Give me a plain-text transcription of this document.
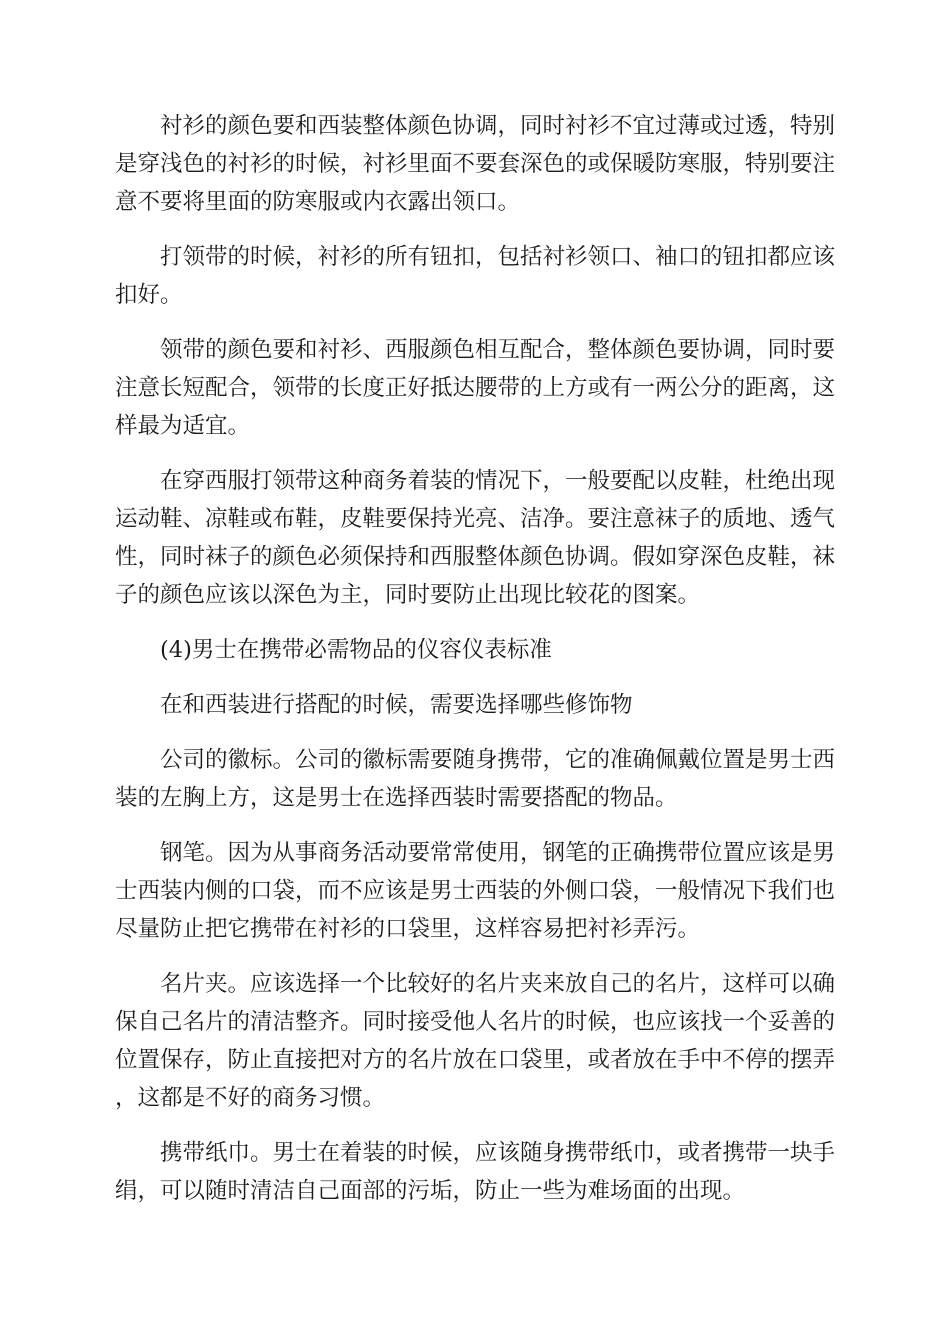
衬衫的颜色要和西装整体颜色协调，同时衬衫不宜过薄或过透，特别是穿浅色的衬衫的时候，衬衫里面不要套深色的或保暖防寒服，特别要注意不要将里面的防寒服或内衣露出领口。

打领带的时候，衬衫的所有钮扣，包括衬衫领口、袖口的钮扣都应该扣好。

领带的颜色要和衬衫、西服颜色相互配合，整体颜色要协调，同时要注意长短配合，领带的长度正好抵达腰带的上方或有一两公分的距离，这样最为适宜。

在穿西服打领带这种商务着装的情况下，一般要配以皮鞋，杜绝出现运动鞋、凉鞋或布鞋，皮鞋要保持光亮、洁净。要注意袜子的质地、透气性，同时袜子的颜色必须保持和西服整体颜色协调。假如穿深色皮鞋，袜子的颜色应该以深色为主，同时要防止出现比较花的图案。

(4)男士在携带必需物品的仪容仪表标准

在和西装进行搭配的时候，需要选择哪些修饰物

公司的徽标。公司的徽标需要随身携带，它的准确佩戴位置是男士西装的左胸上方，这是男士在选择西装时需要搭配的物品。

钢笔。因为从事商务活动要常常使用，钢笔的正确携带位置应该是男士西装内侧的口袋，而不应该是男士西装的外侧口袋，一般情况下我们也尽量防止把它携带在衬衫的口袋里，这样容易把衬衫弄污。

名片夹。应该选择一个比较好的名片夹来放自己的名片，这样可以确保自己名片的清洁整齐。同时接受他人名片的时候，也应该找一个妥善的位置保存，防止直接把对方的名片放在口袋里，或者放在手中不停的摆弄，这都是不好的商务习惯。

携带纸巾。男士在着装的时候，应该随身携带纸巾，或者携带一块手绢，可以随时清洁自己面部的污垢，防止一些为难场面的出现。
